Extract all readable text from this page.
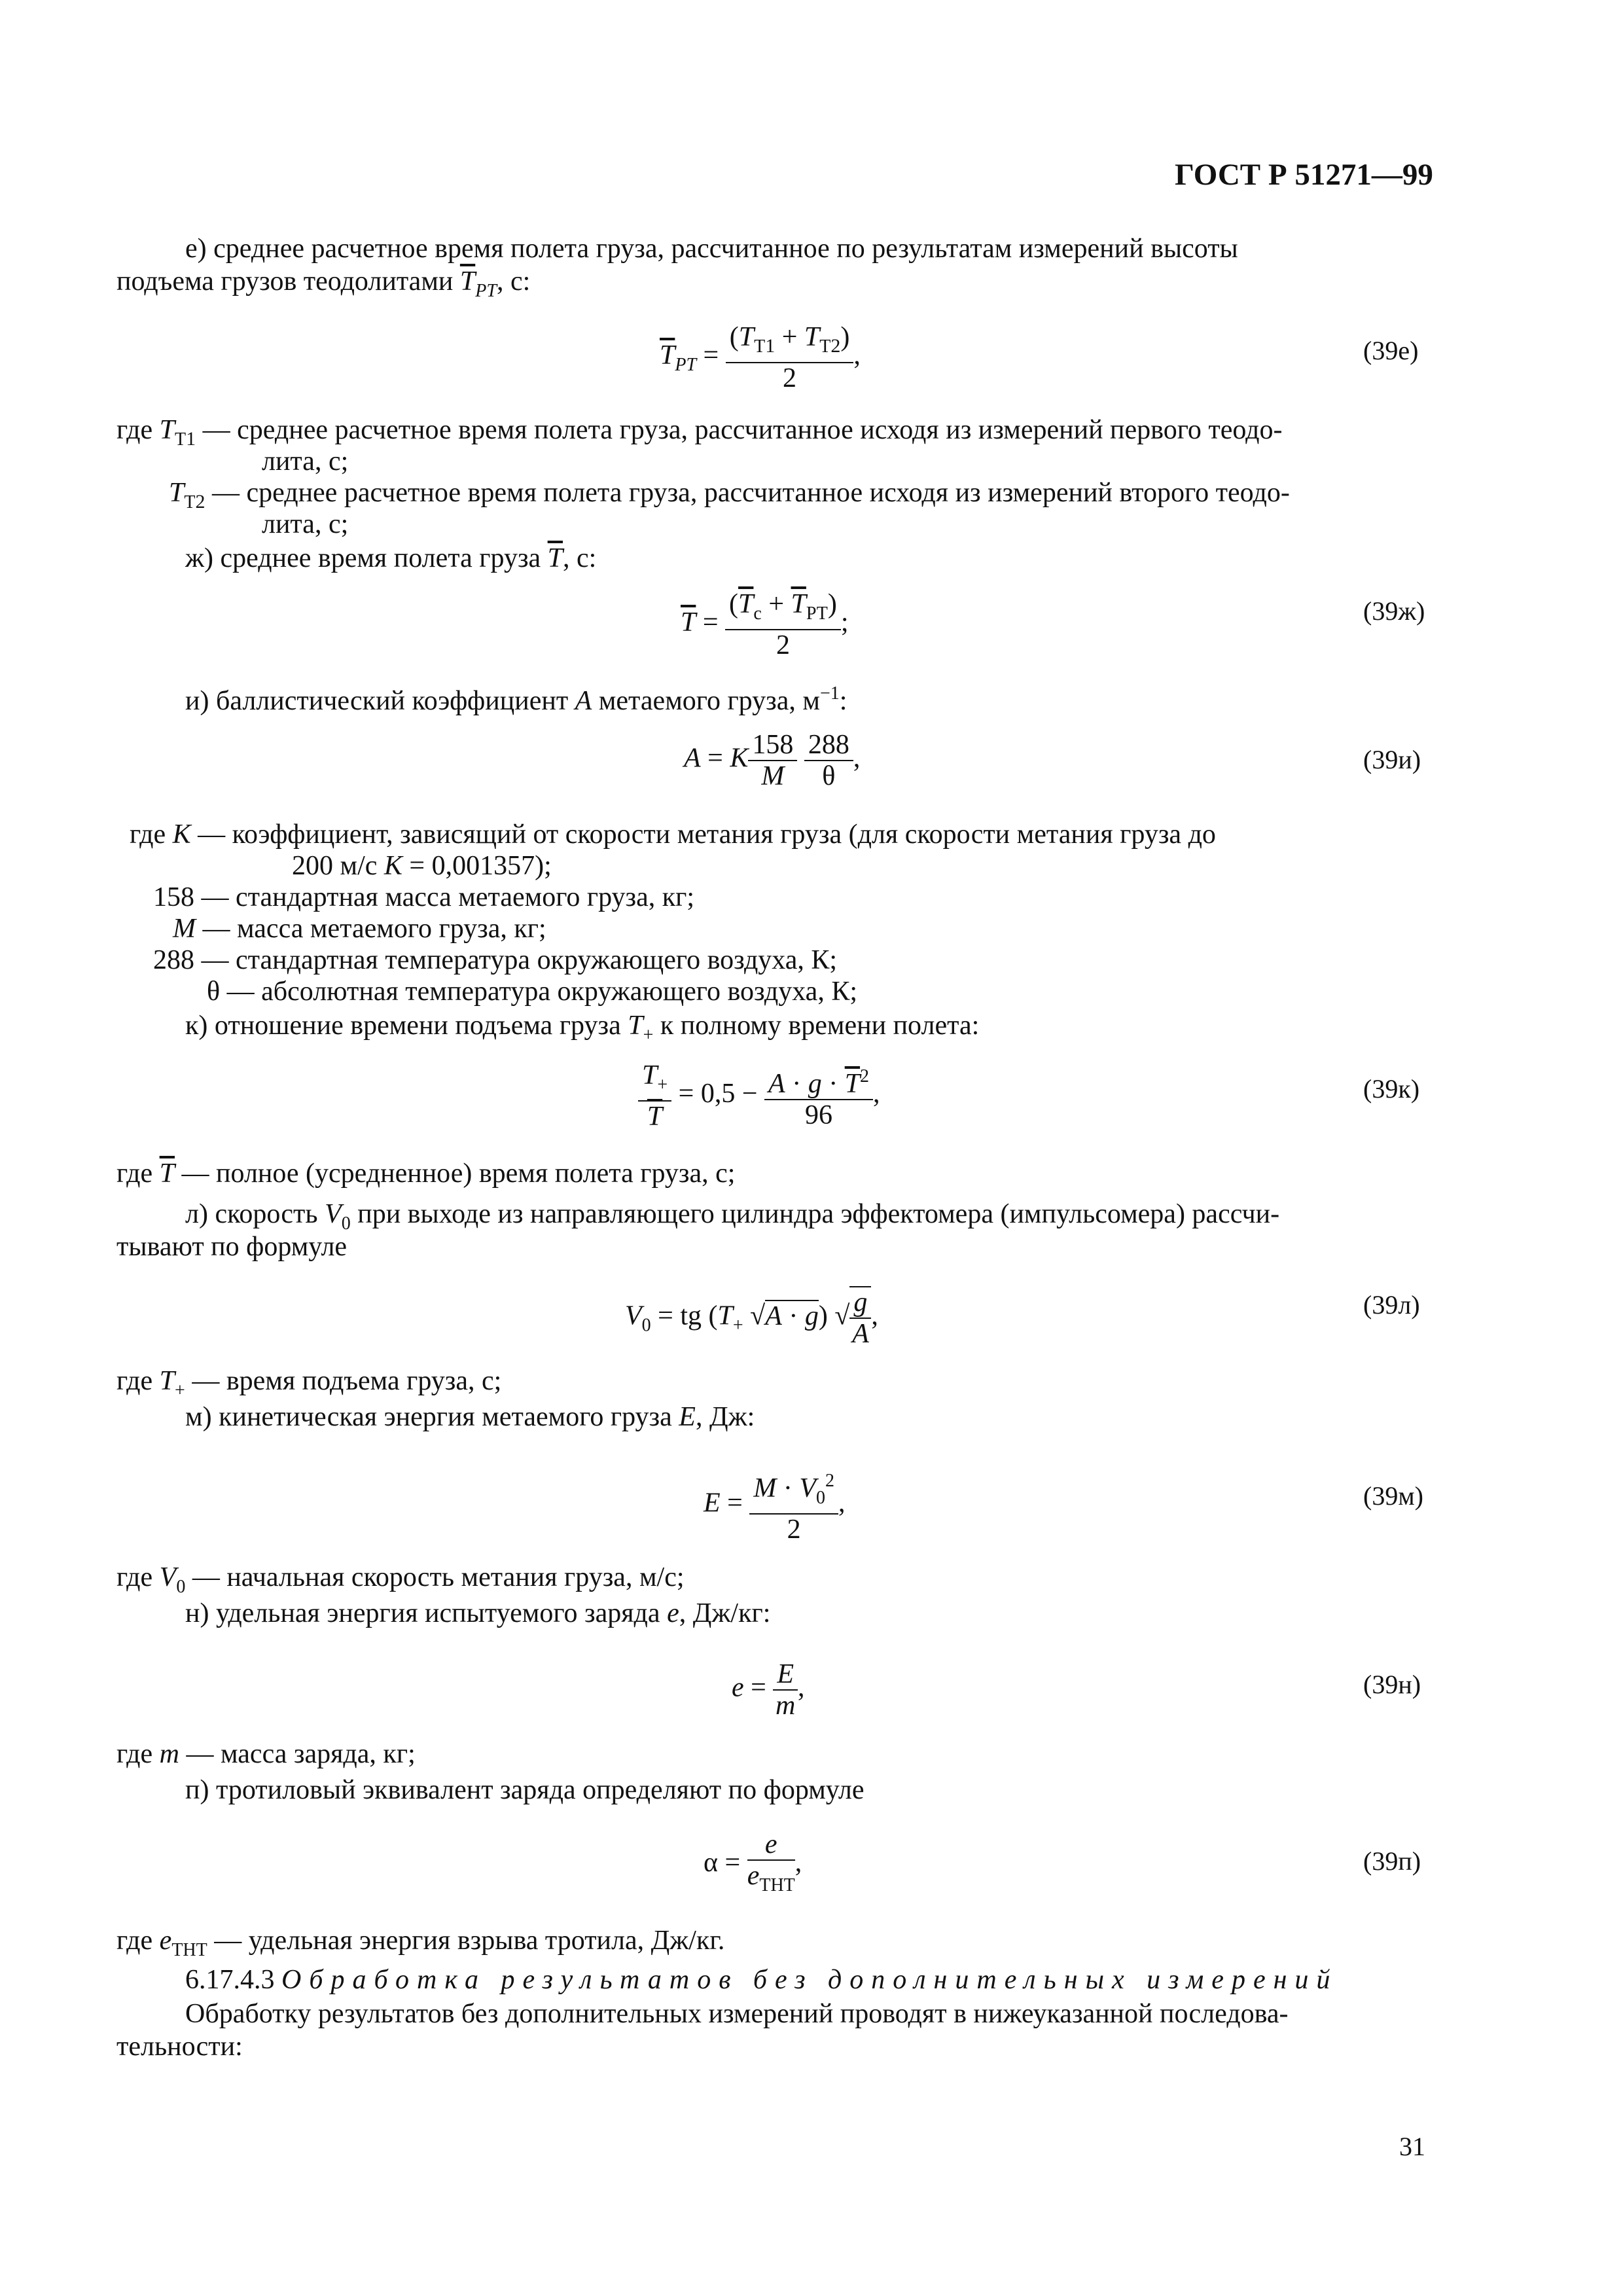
ГОСТ Р 51271—99
е) среднее расчетное время полета груза, рассчитанное по результатам измерений высоты
подъема грузов теодолитами $\overline{T}_{РТ}$, с:
$\overline{T}_{РТ} = \frac{(T_{Т1} + T_{Т2})}{2}$ ,	(39е)
где $T_{Т1}$ — среднее расчетное время полета груза, рассчитанное исходя из измерений первого теодо-
лита, с;
$T_{Т2}$ — среднее расчетное время полета груза, рассчитанное исходя из измерений второго теодо-
лита, с;
ж) среднее время полета груза $\overline{T}$, с:
$\overline{T} = \frac{(\overline{T}_с + \overline{T}_{РТ})}{2}$ ;	(39ж)
и) баллистический коэффициент A метаемого груза, $м^{-1}$:
A = K $\frac{158}{M}$
$\frac{288}{\theta}$ ,	(39и)
где K — коэффициент, зависящий от скорости метания груза (для скорости метания груза до
200 м/с K = 0,001357);
158 — стандартная масса метаемого груза, кг;
M — масса метаемого груза, кг;
288 — стандартная температура окружающего воздуха, К;
θ — абсолютная температура окружающего воздуха, К;
к) отношение времени подъема груза $T_+$ к полному времени полета:
$\frac{T_+}{T} = 0,5 - \frac{A \cdot g \cdot \overline{T}^2}{96}$ ,	(39к)
где $\overline{T}$ — полное (усредненное) время полета груза, с;
л) скорость $V_0$ при выходе из направляющего цилиндра эффектомера (импульсомера) рассчи-
тывают по формуле
$V_0$ = tg ($T_+$ √A · g) √ $\frac{g}{A}$ ,	(39л)
где $T_+$ — время подъема груза, с;
м) кинетическая энергия метаемого груза E, Дж:
$E = \frac{M \cdot V_0^2}{2}$ ,	(39м)
где $V_0$ — начальная скорость метания груза, м/с;
н) удельная энергия испытуемого заряда e, Дж/кг:
$e = \frac{E}{m}$ ,	(39н)
где m — масса заряда, кг;
п) тротиловый эквивалент заряда определяют по формуле
$\alpha = \frac{e}{e_{ТНТ}}$ ,	(39п)
где $e_{ТНТ}$ — удельная энергия взрыва тротила, Дж/кг.
6.17.4.3 Обработка результатов без дополнительных измерений
Обработку результатов без дополнительных измерений проводят в нижеуказанной последова-
тельности:
31
